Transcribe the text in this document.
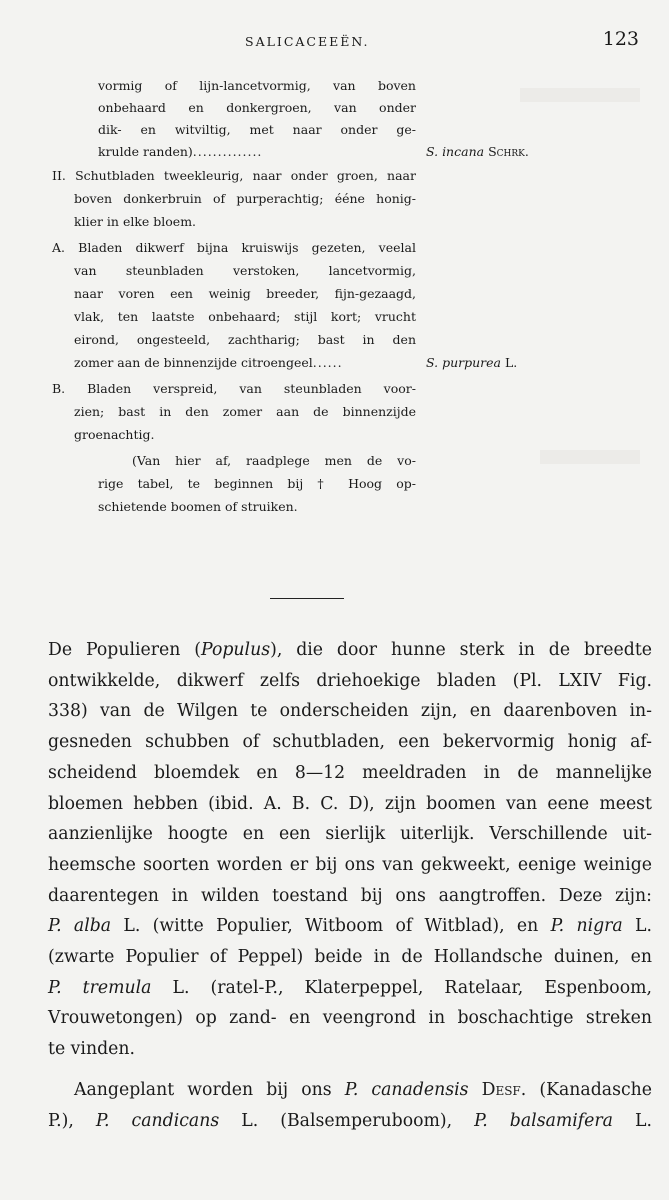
SALICACEEËN.	123
vormig of lijn-lancetvormig, van boven
onbehaard en donkergroen, van onder
dik- en witviltig, met naar onder ge-
krulde randen)..............	S. incana Schrk.
II. Schutbladen tweekleurig, naar onder groen, naar
boven donkerbruin of purperachtig; ééne honig-
klier in elke bloem.
A. Bladen dikwerf bijna kruiswijs gezeten, veelal
van steunbladen verstoken, lancetvormig,
naar voren een weinig breeder, fijn-gezaagd,
vlak, ten laatste onbehaard; stijl kort; vrucht
eirond, ongesteeld, zachtharig; bast in den
zomer aan de binnenzijde citroengeel......	S. purpurea L.
B. Bladen verspreid, van steunbladen voor-
zien; bast in den zomer aan de binnenzijde
groenachtig.
(Van hier af, raadplege men de vo-
rige tabel, te beginnen bij † Hoog op-
schietende boomen of struiken.
De Populieren (Populus), die door hunne sterk in de breedte
ontwikkelde, dikwerf zelfs driehoekige bladen (Pl. LXIV Fig.
338) van de Wilgen te onderscheiden zijn, en daarenboven in-
gesneden schubben of schutbladen, een bekervormig honig af-
scheidend bloemdek en 8—12 meeldraden in de mannelijke
bloemen hebben (ibid. A. B. C. D), zijn boomen van eene meest
aanzienlijke hoogte en een sierlijk uiterlijk. Verschillende uit-
heemsche soorten worden er bij ons van gekweekt, eenige weinige
daarentegen in wilden toestand bij ons aangtroffen. Deze zijn:
P. alba L. (witte Populier, Witboom of Witblad), en P. nigra L.
(zwarte Populier of Peppel) beide in de Hollandsche duinen, en
P. tremula L. (ratel-P., Klaterpeppel, Ratelaar, Espenboom,
Vrouwetongen) op zand- en veengrond in boschachtige streken
te vinden.
Aangeplant worden bij ons P. canadensis Desf. (Kanadasche
P.), P. candicans L. (Balsemperuboom), P. balsamifera L.
